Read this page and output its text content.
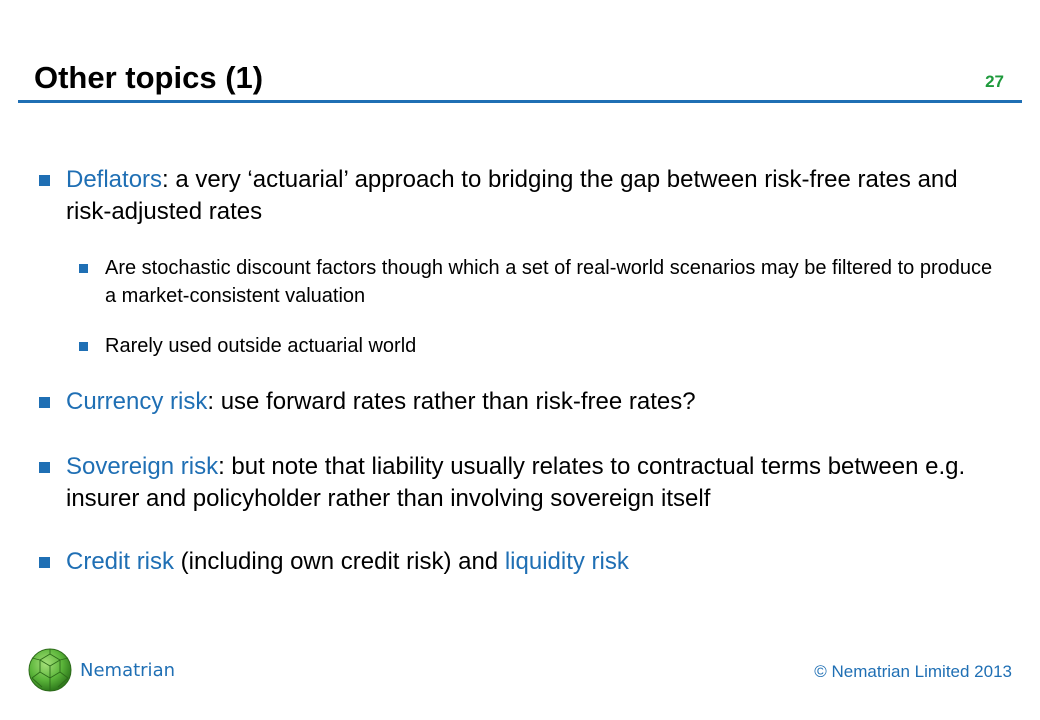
Other topics (1)	27
Deflators: a very ‘actuarial’ approach to bridging the gap between risk-free rates and risk-adjusted rates
Are stochastic discount factors though which a set of real-world scenarios may be filtered to produce a market-consistent valuation
Rarely used outside actuarial world
Currency risk: use forward rates rather than risk-free rates?
Sovereign risk: but note that liability usually relates to contractual terms between e.g. insurer and policyholder rather than involving sovereign itself
Credit risk (including own credit risk) and liquidity risk
Nematrian	© Nematrian Limited 2013
